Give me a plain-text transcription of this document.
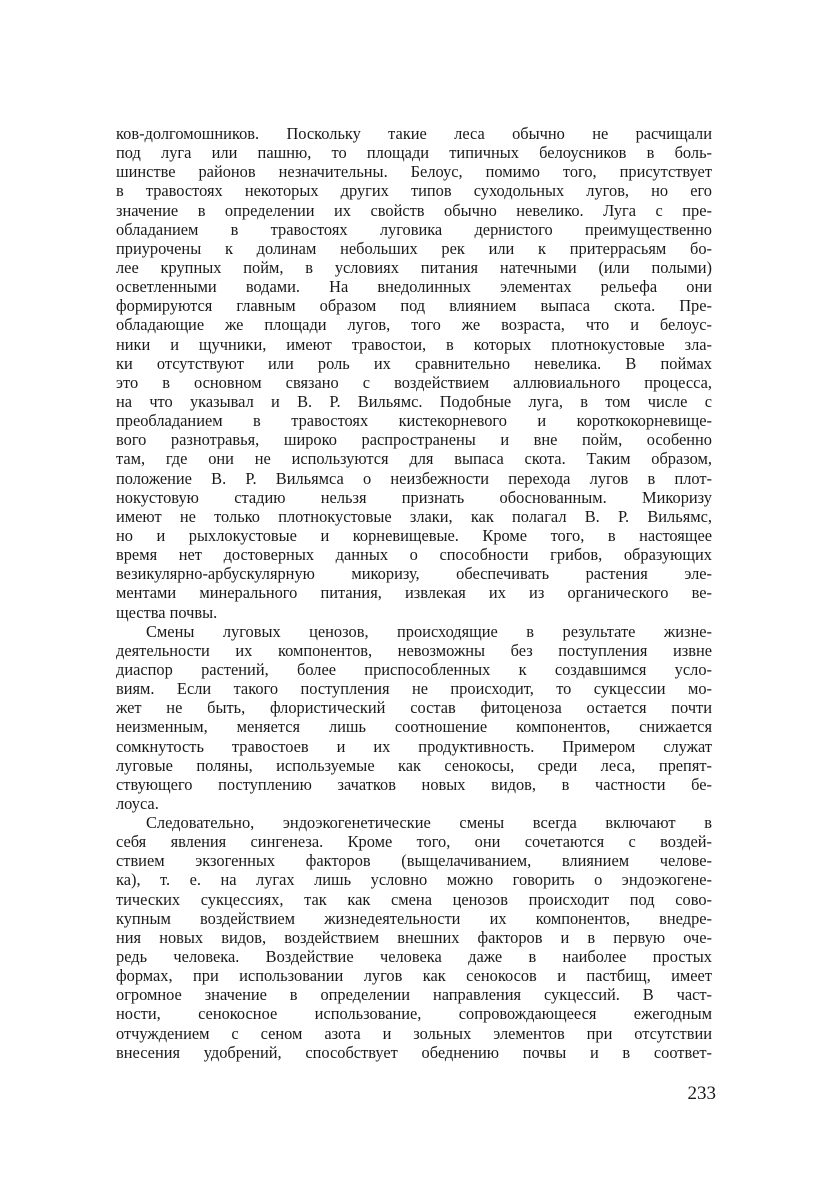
ков-долгомошников. Поскольку такие леса обычно не расчищали
под луга или пашню, то площади типичных белоусников в боль-
шинстве районов незначительны. Белоус, помимо того, присутствует
в травостоях некоторых других типов суходольных лугов, но его
значение в определении их свойств обычно невелико. Луга с пре-
обладанием в травостоях луговика дернистого преимущественно
приурочены к долинам небольших рек или к притеррасьям бо-
лее крупных пойм, в условиях питания натечными (или полыми)
осветленными водами. На внедолинных элементах рельефа они
формируются главным образом под влиянием выпаса скота. Пре-
обладающие же площади лугов, того же возраста, что и белоус-
ники и щучники, имеют травостои, в которых плотнокустовые зла-
ки отсутствуют или роль их сравнительно невелика. В поймах
это в основном связано с воздействием аллювиального процесса,
на что указывал и В. Р. Вильямс. Подобные луга, в том числе с
преобладанием в травостоях кистекорневого и короткокорневище-
вого разнотравья, широко распространены и вне пойм, особенно
там, где они не используются для выпаса скота. Таким образом,
положение В. Р. Вильямса о неизбежности перехода лугов в плот-
нокустовую стадию нельзя признать обоснованным. Микоризу
имеют не только плотнокустовые злаки, как полагал В. Р. Вильямс,
но и рыхлокустовые и корневищевые. Кроме того, в настоящее
время нет достоверных данных о способности грибов, образующих
везикулярно-арбускулярную микоризу, обеспечивать растения эле-
ментами минерального питания, извлекая их из органического ве-
щества почвы.
Смены луговых ценозов, происходящие в результате жизне-
деятельности их компонентов, невозможны без поступления извне
диаспор растений, более приспособленных к создавшимся усло-
виям. Если такого поступления не происходит, то сукцессии мо-
жет не быть, флористический состав фитоценоза остается почти
неизменным, меняется лишь соотношение компонентов, снижается
сомкнутость травостоев и их продуктивность. Примером служат
луговые поляны, используемые как сенокосы, среди леса, препят-
ствующего поступлению зачатков новых видов, в частности бе-
лоуса.
Следовательно, эндоэкогенетические смены всегда включают в
себя явления сингенеза. Кроме того, они сочетаются с воздей-
ствием экзогенных факторов (выщелачиванием, влиянием челове-
ка), т. е. на лугах лишь условно можно говорить о эндоэкогене-
тических сукцессиях, так как смена ценозов происходит под сово-
купным воздействием жизнедеятельности их компонентов, внедре-
ния новых видов, воздействием внешних факторов и в первую оче-
редь человека. Воздействие человека даже в наиболее простых
формах, при использовании лугов как сенокосов и пастбищ, имеет
огромное значение в определении направления сукцессий. В част-
ности, сенокосное использование, сопровождающееся ежегодным
отчуждением с сеном азота и зольных элементов при отсутствии
внесения удобрений, способствует обеднению почвы и в соответ-
233
